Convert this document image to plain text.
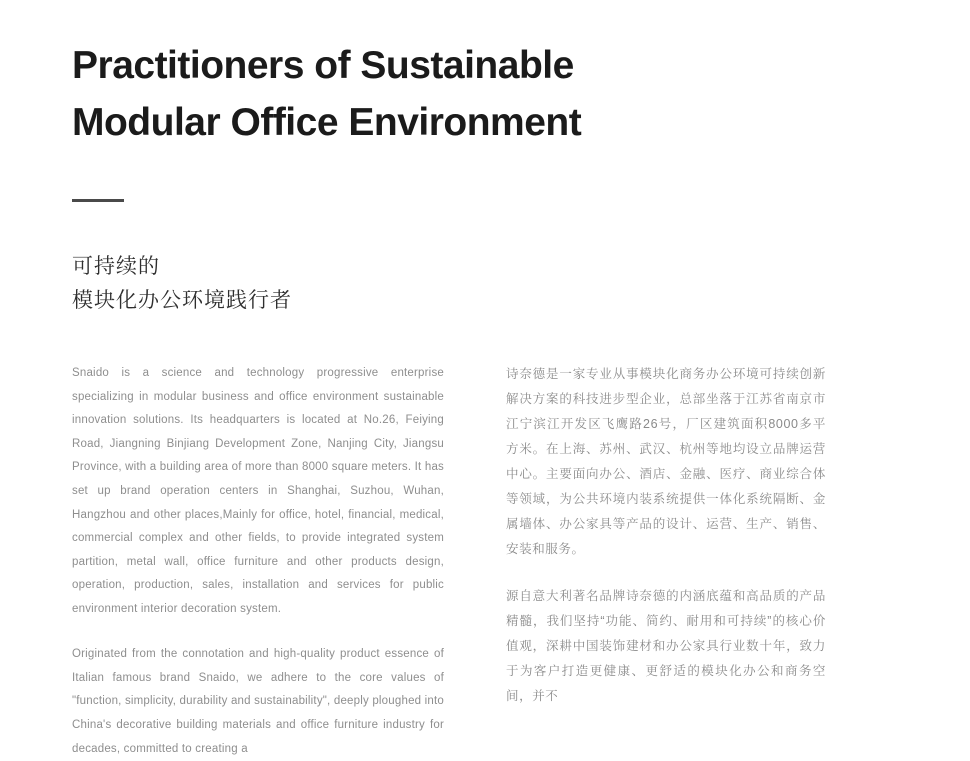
Practitioners of Sustainable
Modular Office Environment
可持续的
模块化办公环境践行者

Snaido is a science and technology progressive enterprise specializing in modular business and office environment sustainable innovation solutions. Its headquarters is located at No.26, Feiying Road, Jiangning Binjiang Development Zone, Nanjing City, Jiangsu Province, with a building area of more than 8000 square meters. It has set up brand operation centers in Shanghai, Suzhou, Wuhan, Hangzhou and other places,Mainly for office, hotel, financial, medical, commercial complex and other fields, to provide integrated system partition, metal wall, office furniture and other products design, operation, production, sales, installation and services for public environment interior decoration system.

Originated from the connotation and high-quality product essence of Italian famous brand Snaido, we adhere to the core values of "function, simplicity, durability and sustainability", deeply ploughed into China's decorative building materials and office furniture industry for decades, committed to creating a

诗奈德是一家专业从事模块化商务办公环境可持续创新解决方案的科技进步型企业，总部坐落于江苏省南京市江宁滨江开发区飞鹰路26号，厂区建筑面积8000多平方米。在上海、苏州、武汉、杭州等地均设立品牌运营中心。主要面向办公、酒店、金融、医疗、商业综合体等领域，为公共环境内装系统提供一体化系统隔断、金属墙体、办公家具等产品的设计、运营、生产、销售、安装和服务。

源自意大利著名品牌诗奈德的内涵底蕴和高品质的产品精髓，我们坚持“功能、简约、耐用和可持续”的核心价值观，深耕中国装饰建材和办公家具行业数十年，致力于为客户打造更健康、更舒适的模块化办公和商务空间，并不
